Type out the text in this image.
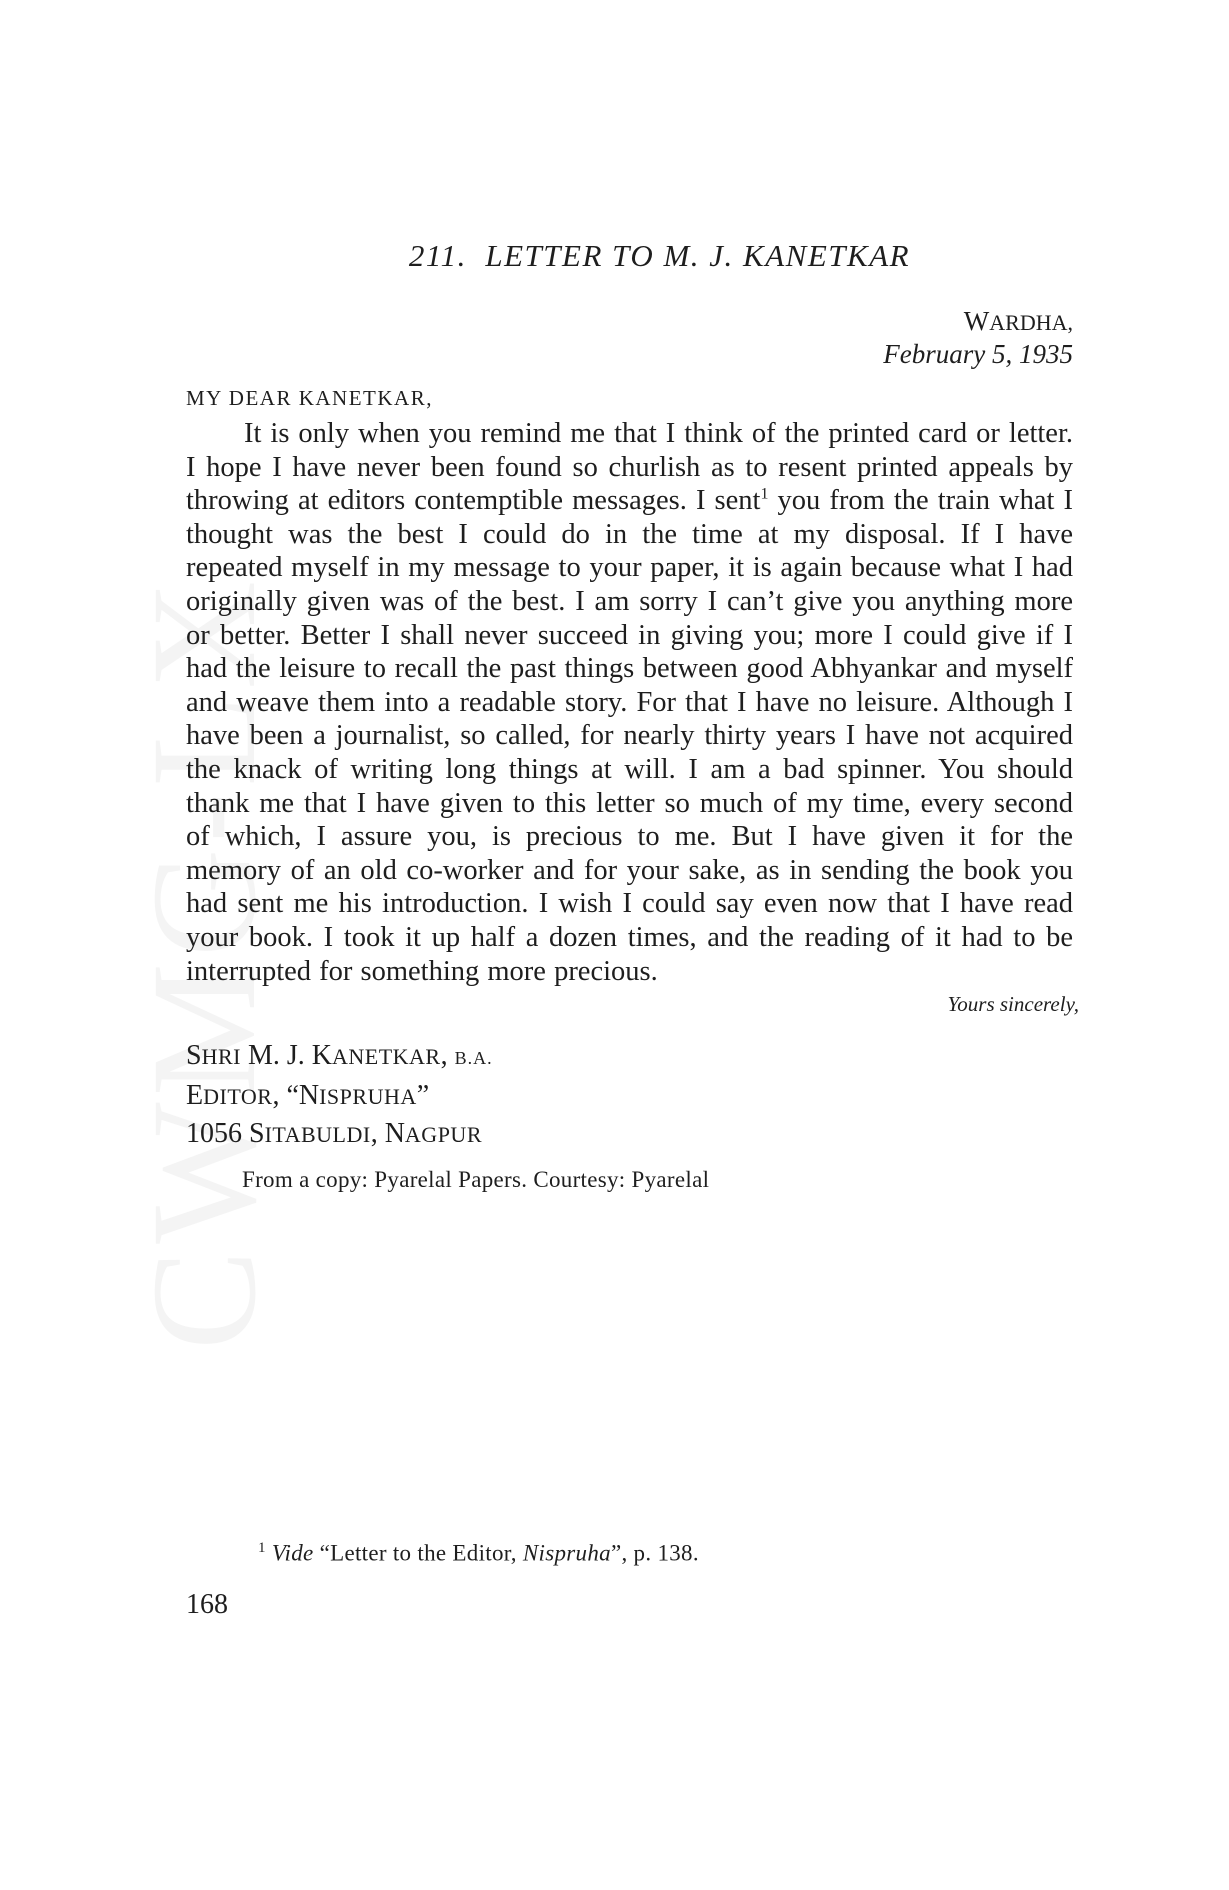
211. LETTER TO M. J. KANETKAR

WARDHA,

February 5, 1935

MY DEAR KANETKAR,

It is only when you remind me that I think of the printed card or letter. I hope I have never been found so churlish as to resent printed appeals by throwing at editors contemptible messages. I sent$^1$ you from the train what I thought was the best I could do in the time at my disposal. If I have repeated myself in my message to your paper, it is again because what I had originally given was of the best. I am sorry I can’t give you anything more or better. Better I shall never succeed in giving you; more I could give if I had the leisure to recall the past things between good Abhyankar and myself and weave them into a readable story. For that I have no leisure. Although I have been a journalist, so called, for nearly thirty years I have not acquired the knack of writing long things at will. I am a bad spinner. You should thank me that I have given to this letter so much of my time, every second of which, I assure you, is precious to me. But I have given it for the memory of an old co-worker and for your sake, as in sending the book you had sent me his introduction. I wish I could say even now that I have read your book. I took it up half a dozen times, and the reading of it had to be interrupted for something more precious.

Yours sincerely,

SHRI M. J. KANETKAR, B.A.

EDITOR, “NISPRUHA”

1056 SITABULDI, NAGPUR

From a copy: Pyarelal Papers. Courtesy: Pyarelal

$^1$ Vide “Letter to the Editor, Nispruha”, p. 138.
168
